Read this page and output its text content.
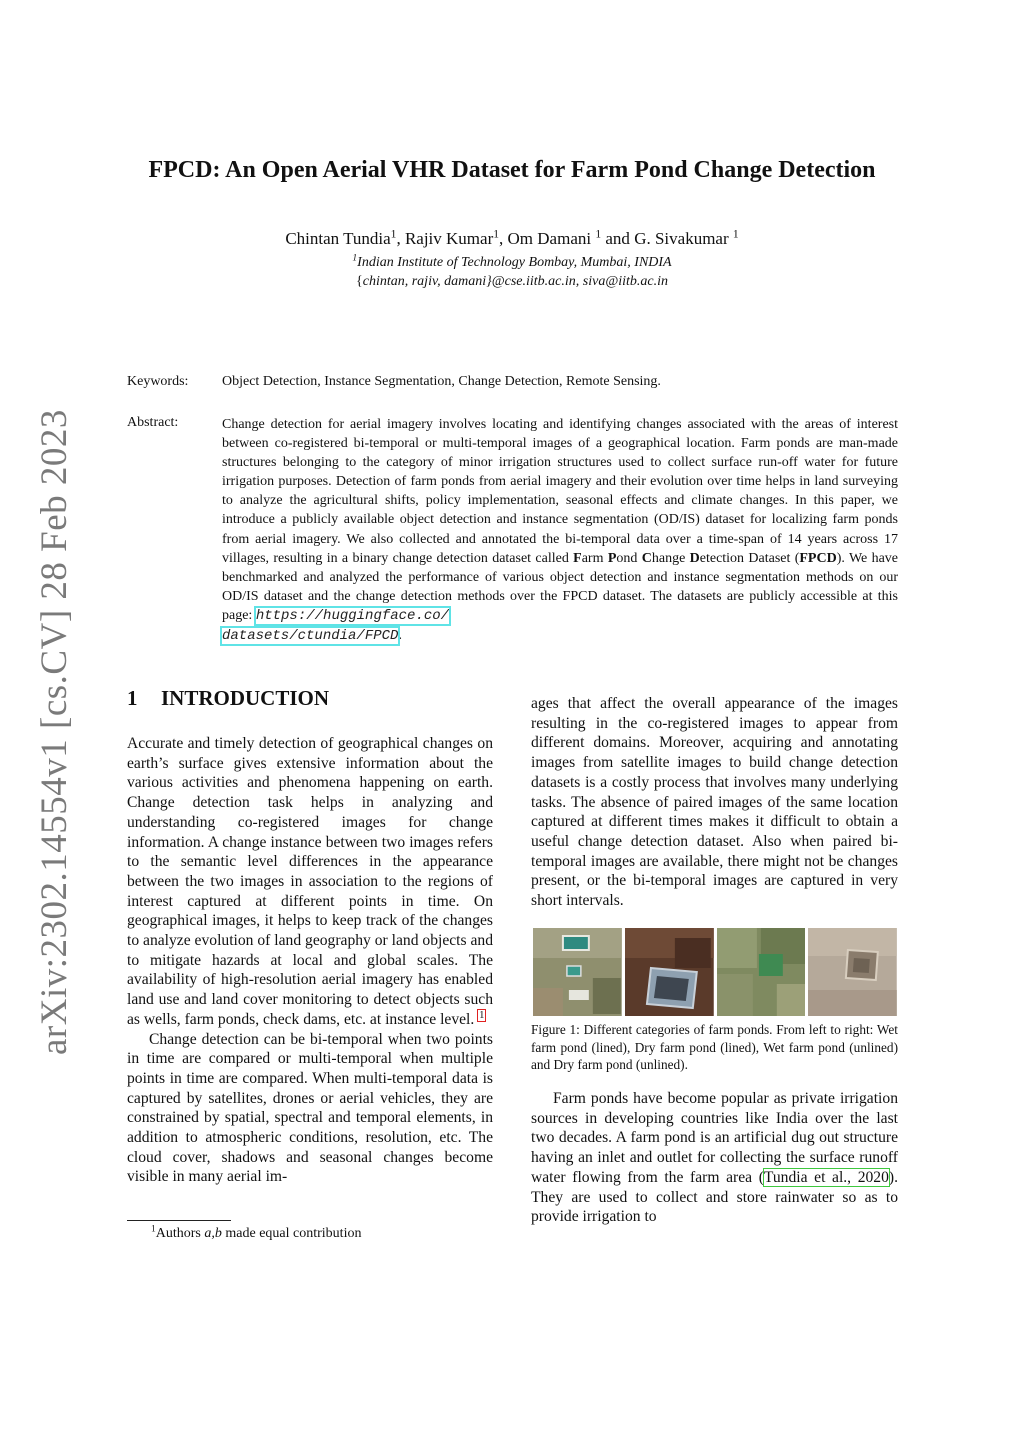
arXiv:2302.14554v1 [cs.CV] 28 Feb 2023
FPCD: An Open Aerial VHR Dataset for Farm Pond Change Detection
Chintan Tundia$^1$, Rajiv Kumar$^1$, Om Damani $^1$ and G. Sivakumar $^1$
$^1$Indian Institute of Technology Bombay, Mumbai, INDIA
{chintan, rajiv, damani}@cse.iitb.ac.in, siva@iitb.ac.in
Keywords: Object Detection, Instance Segmentation, Change Detection, Remote Sensing.
Abstract:	Change detection for aerial imagery involves locating and identifying changes associated with the areas of interest between co-registered bi-temporal or multi-temporal images of a geographical location. Farm ponds are man-made structures belonging to the category of minor irrigation structures used to collect surface run-off water for future irrigation purposes. Detection of farm ponds from aerial imagery and their evolution over time helps in land surveying to analyze the agricultural shifts, policy implementation, seasonal effects and climate changes. In this paper, we introduce a publicly available object detection and instance segmentation (OD/IS) dataset for localizing farm ponds from aerial imagery. We also collected and annotated the bi-temporal data over a time-span of 14 years across 17 villages, resulting in a binary change detection dataset called Farm Pond Change Detection Dataset (FPCD). We have benchmarked and analyzed the performance of various object detection and instance segmentation methods on our OD/IS dataset and the change detection methods over the FPCD dataset. The datasets are publicly accessible at this page: https://huggingface.co/
datasets/ctundia/FPCD.
1 INTRODUCTION

Accurate and timely detection of geographical changes on earth’s surface gives extensive information about the various activities and phenomena happening on earth. Change detection task helps in analyzing and understanding co-registered images for change information. A change instance between two images refers to the semantic level differences in the appearance between the two images in association to the regions of interest captured at different points in time. On geographical images, it helps to keep track of the changes to analyze evolution of land geography or land objects and to mitigate hazards at local and global scales. The availability of high-resolution aerial imagery has enabled land use and land cover monitoring to detect objects such as wells, farm ponds, check dams, etc. at instance level. $^1$

Change detection can be bi-temporal when two points in time are compared or multi-temporal when multiple points in time are compared. When multi-temporal data is captured by satellites, drones or aerial vehicles, they are constrained by spatial, spectral and temporal elements, in addition to atmospheric conditions, resolution, etc. The cloud cover, shadows and seasonal changes become visible in many aerial im-

ages that affect the overall appearance of the images resulting in the co-registered images to appear from different domains. Moreover, acquiring and annotating images from satellite images to build change detection datasets is a costly process that involves many underlying tasks. The absence of paired images of the same location captured at different times makes it difficult to obtain a useful change detection dataset. Also when paired bi-temporal images are available, there might not be changes present, or the bi-temporal images are captured in very short intervals.

Figure 1: Different categories of farm ponds. From left to right: Wet farm pond (lined), Dry farm pond (lined), Wet farm pond (unlined) and Dry farm pond (unlined).

Farm ponds have become popular as private irrigation sources in developing countries like India over the last two decades. A farm pond is an artificial dug out structure having an inlet and outlet for collecting the surface runoff water flowing from the farm area (Tundia et al., 2020). They are used to collect and store rainwater so as to provide irrigation to

$^1$Authors a,b made equal contribution
